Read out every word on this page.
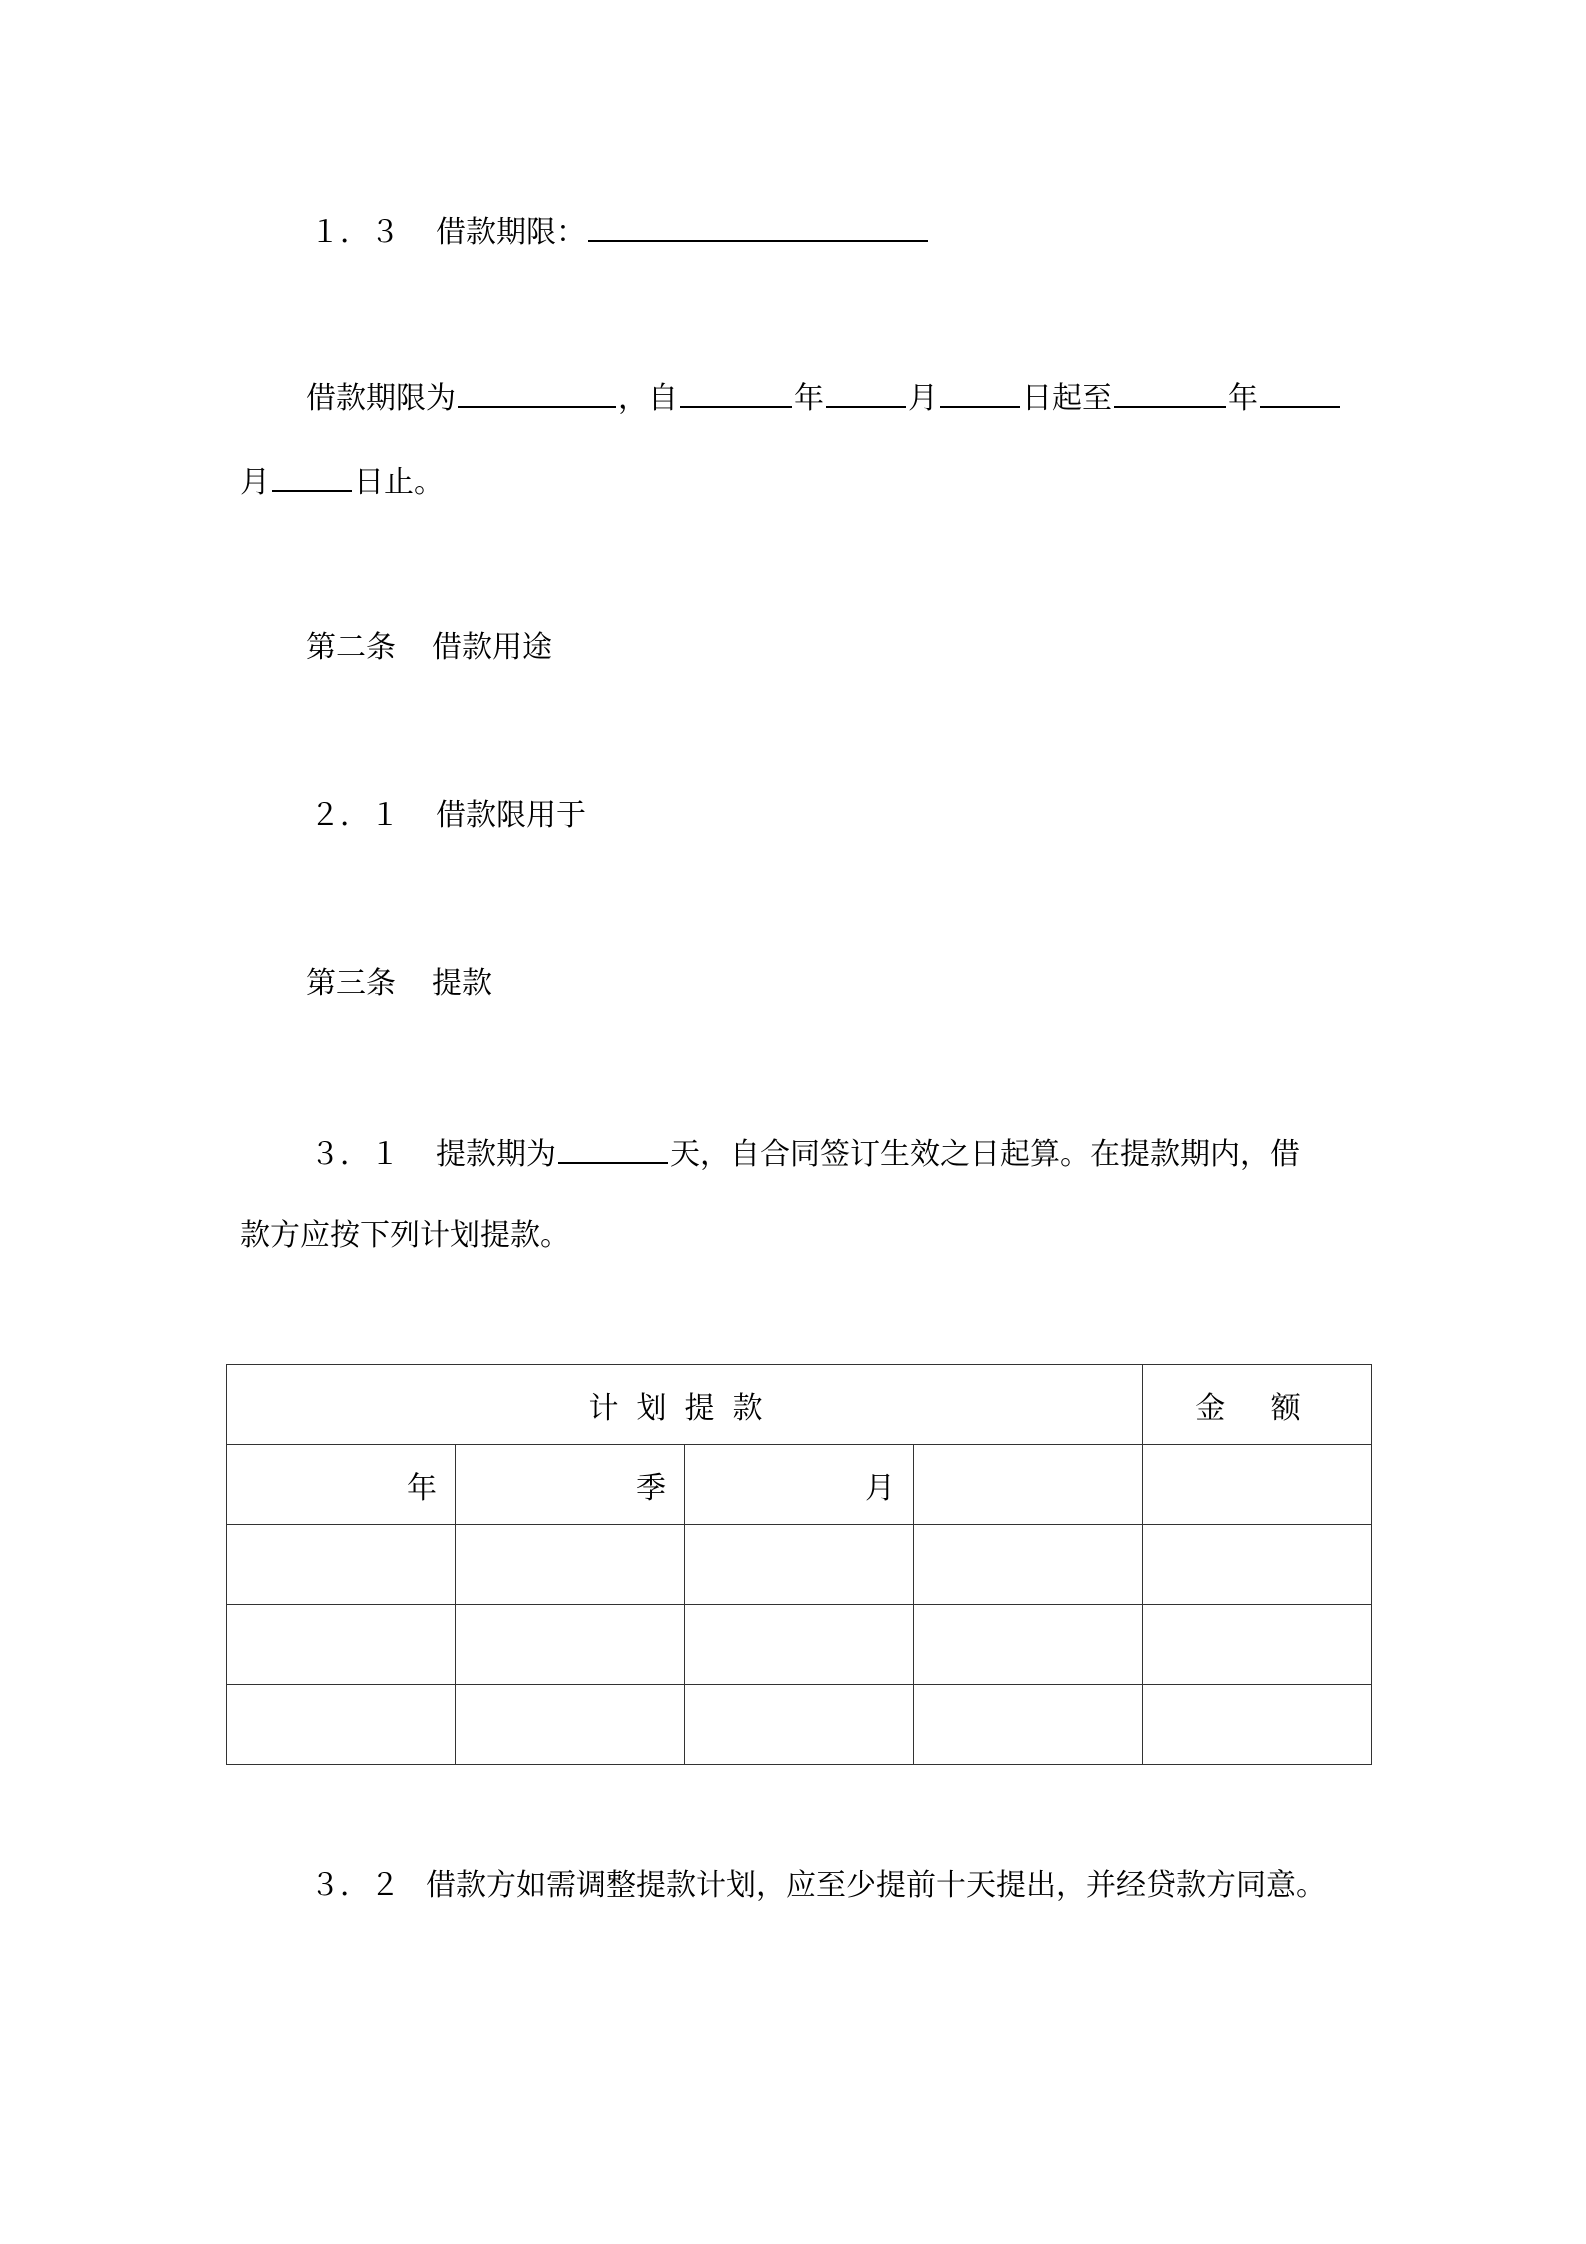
１．３ 借款期限：
借款期限为	，自	年	月	日起至	年
月	日止。
第二条 借款用途
２．１ 借款限用于
第三条 提款
３．１ 提款期为	天，自合同签订生效之日起算。在提款期内，借
款方应按下列计划提款。
计划提款				金 额
年	季	月		

３．２ 借款方如需调整提款计划，应至少提前十天提出，并经贷款方同意。
